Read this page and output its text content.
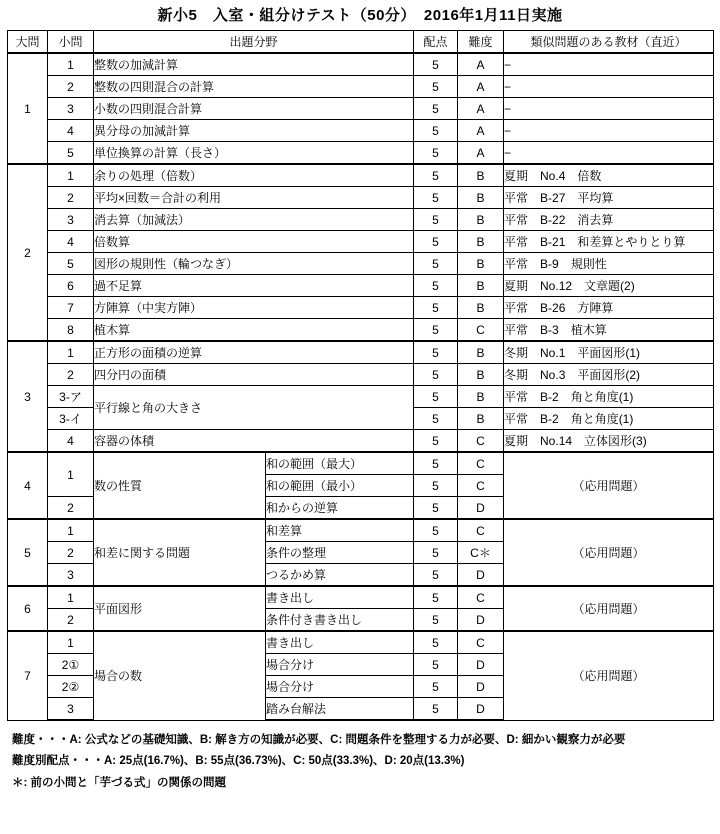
新小5　入室・組分けテスト（50分）　2016年1月11日実施
大問	小問	出題分野		配点	難度	類似問題のある教材（直近）
1	1	整数の加減計算		5	A	−
	2	整数の四則混合の計算		5	A	−
	3	小数の四則混合計算		5	A	−
	4	異分母の加減計算		5	A	−
	5	単位換算の計算（長さ）		5	A	−
2	1	余りの処理（倍数）		5	B	夏期　No.4　倍数
	2	平均×回数＝合計の利用		5	B	平常　B-27　平均算
	3	消去算（加減法）		5	B	平常　B-22　消去算
	4	倍数算		5	B	平常　B-21　和差算とやりとり算
	5	図形の規則性（輪つなぎ）		5	B	平常　B-9　規則性
	6	過不足算		5	B	夏期　No.12　文章題(2)
	7	方陣算（中実方陣）		5	B	平常　B-26　方陣算
	8	植木算		5	C	平常　B-3　植木算
3	1	正方形の面積の逆算		5	B	冬期　No.1　平面図形(1)
	2	四分円の面積		5	B	冬期　No.3　平面図形(2)
	3-ア	平行線と角の大きさ		5	B	平常　B-2　角と角度(1)
	3-イ			5	B	平常　B-2　角と角度(1)
	4	容器の体積		5	C	夏期　No.14　立体図形(3)
4	1	数の性質	和の範囲（最大）	5	C	（応用問題）
			和の範囲（最小）	5	C	
	2		和からの逆算	5	D	
5	1	和差に関する問題	和差算	5	C	（応用問題）
	2		条件の整理	5	C＊	
	3		つるかめ算	5	D	
6	1	平面図形	書き出し	5	C	（応用問題）
	2		条件付き書き出し	5	D	
7	1	場合の数	書き出し	5	C	（応用問題）
	2①		場合分け	5	D	
	2②		場合分け	5	D	
	3		踏み台解法	5	D	
難度・・・A: 公式などの基礎知識、B: 解き方の知識が必要、C: 問題条件を整理する力が必要、D: 細かい観察力が必要
難度別配点・・・A: 25点(16.7%)、B: 55点(36.73%)、C: 50点(33.3%)、D: 20点(13.3%)
＊: 前の小問と「芋づる式」の関係の問題
